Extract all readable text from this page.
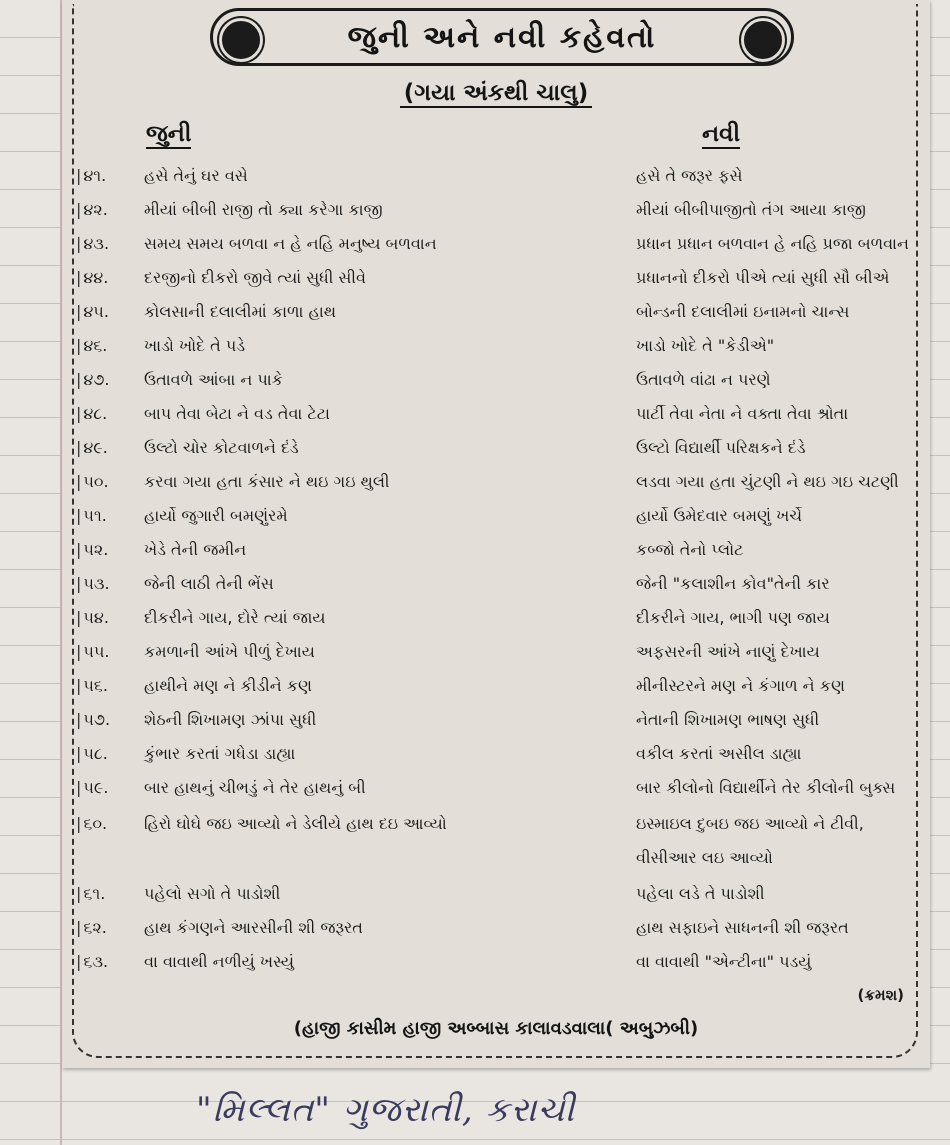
જુની અને નવી કહેવતો
(ગયા અંકથી ચાલુ)
જુની	નવી
| ૪૧. હસે તેનું ઘર વસે	હસે તે જરૂર ફસે
| ૪૨. મીયાં બીબી રાજી તો ક્યા કરેગા કાજી	મીયાં બીબીપાજીતો તંગ આયા કાજી
| ૪૩. સમય સમય બળવા ન હે નહિ મનુષ્ય બળવાન	પ્રધાન પ્રધાન બળવાન હે નહિ પ્રજા બળવાન
| ૪૪. દરજીનો દીકરો જીવે ત્યાં સુધી સીવે	પ્રધાનનો દીકરો પીએ ત્યાં સુધી સૌ બીએ
| ૪૫. કોલસાની દલાલીમાં કાળા હાથ	બોન્ડની દલાલીમાં ઇનામનો ચાન્સ
| ૪૬. ખાડો ખોદે તે પડે	ખાડો ખોદે તે "કેડીએ"
| ૪૭. ઉતાવળે આંબા ન પાકે	ઉતાવળે વાંઢા ન પરણે
| ૪૮. બાપ તેવા બેટા ને વડ તેવા ટેટા	પાર્ટી તેવા નેતા ને વક્તા તેવા શ્રોતા
| ૪૯. ઉલ્ટો ચોર કોટવાળને દંડે	ઉલ્ટો વિદ્યાર્થી પરિક્ષકને દંડે
| ૫૦. કરવા ગયા હતા કંસાર ને થઇ ગઇ થુલી	લડવા ગયા હતા ચુંટણી ને થઇ ગઇ ચટણી
| ૫૧. હાર્યો જુગારી બમણુંરમે	હાર્યો ઉમેદવાર બમણું ખર્ચે
| ૫૨. ખેડે તેની જમીન	કબ્જો તેનો પ્લોટ
| ૫૩. જેની લાઠી તેની ભેંસ	જેની "કલાશીન કોવ"તેની કાર
| ૫૪. દીકરીને ગાય, દોરે ત્યાં જાય	દીકરીને ગાય, ભાગી પણ જાય
| ૫૫. કમળાની આંખે પીળું દેખાય	અફસરની આંખે નાણું દેખાય
| ૫૬. હાથીને મણ ને કીડીને કણ	મીનીસ્ટરને મણ ને કંગાળ ને કણ
| ૫૭. શેઠની શિખામણ ઝાંપા સુધી	નેતાની શિખામણ ભાષણ સુધી
| ૫૮. કુંભાર કરતાં ગધેડા ડાહ્યા	વકીલ કરતાં અસીલ ડાહ્યા
| ૫૯. બાર હાથનું ચીભડું ને તેર હાથનું બી	બાર કીલોનો વિદ્યાર્થીને તેર કીલોની બુક્સ
| ૬૦. હિરો ઘોઘે જઇ આવ્યો ને ડેલીયે હાથ દઇ આવ્યો	ઇસ્માઇલ દુબઇ જઇ આવ્યો ને ટીવી,
વીસીઆર લઇ આવ્યો
| ૬૧. પહેલો સગો તે પાડોશી	પહેલા લડે તે પાડોશી
| ૬૨. હાથ કંગણને આરસીની શી જરૂરત	હાથ સફાઇને સાધનની શી જરૂરત
| ૬૩. વા વાવાથી નળીયું ખસ્યું	વા વાવાથી "એન્ટીના" પડયું
(ક્રમશ)
(હાજી કાસીમ હાજી અબ્બાસ કાલાવડવાલા( અબુઝબી)
"મિલ્લત" ગુજરાતી, કરાચી
